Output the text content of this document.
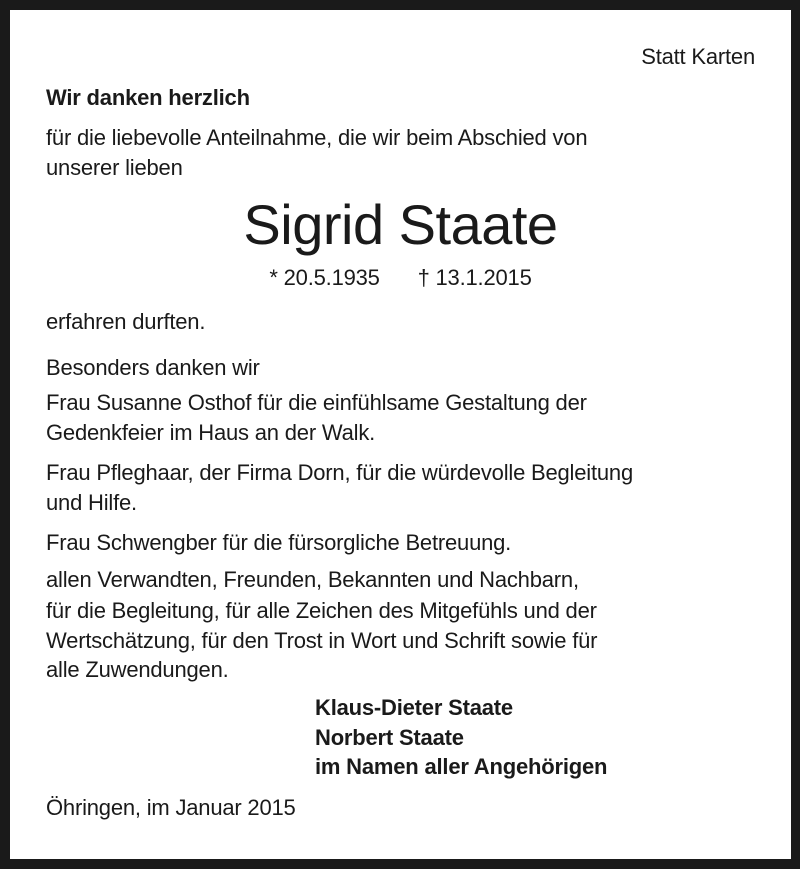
Statt Karten
Wir danken herzlich
für die liebevolle Anteilnahme, die wir beim Abschied von
unserer lieben
Sigrid Staate
* 20.5.1935 † 13.1.2015
erfahren durften.
Besonders danken wir
Frau Susanne Osthof für die einfühlsame Gestaltung der
Gedenkfeier im Haus an der Walk.
Frau Pfleghaar, der Firma Dorn, für die würdevolle Begleitung
und Hilfe.
Frau Schwengber für die fürsorgliche Betreuung.
allen Verwandten, Freunden, Bekannten und Nachbarn,
für die Begleitung, für alle Zeichen des Mitgefühls und der
Wertschätzung, für den Trost in Wort und Schrift sowie für
alle Zuwendungen.
Klaus-Dieter Staate
Norbert Staate
im Namen aller Angehörigen
Öhringen, im Januar 2015
